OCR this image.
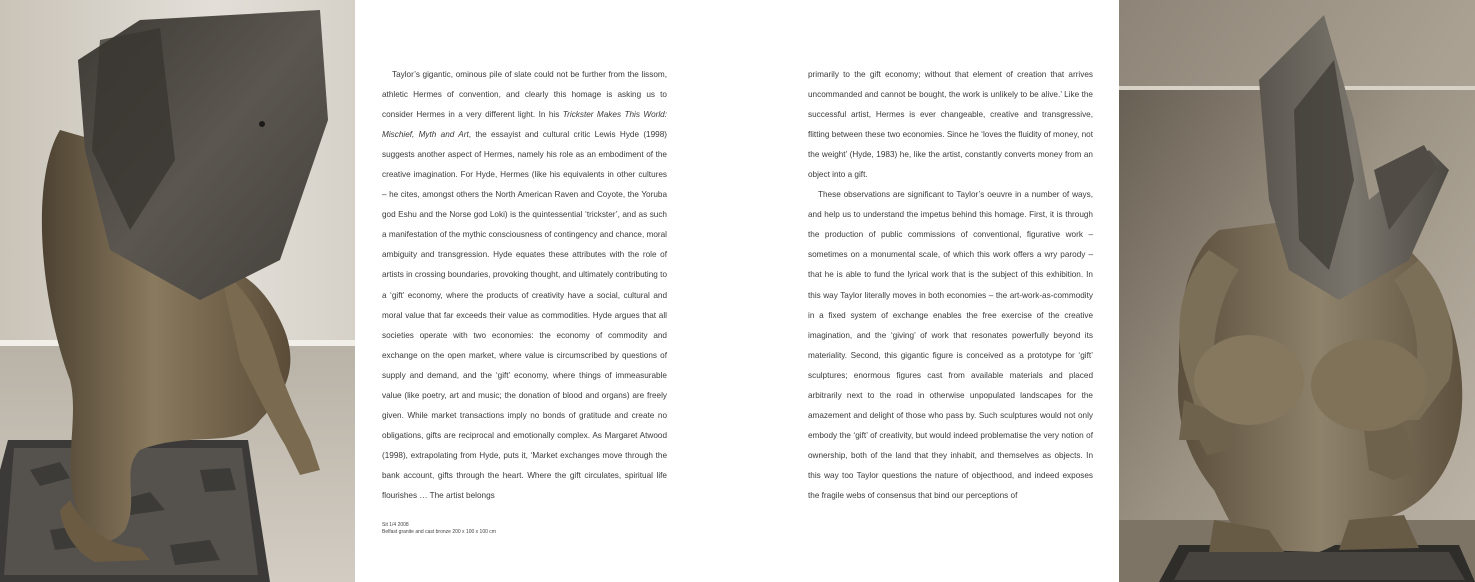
Taylor’s gigantic, ominous pile of slate could not be further from the lissom, athletic Hermes of convention, and clearly this homage is asking us to consider Hermes in a very different light. In his Trickster Makes This World: Mischief, Myth and Art, the essayist and cultural critic Lewis Hyde (1998) suggests another aspect of Hermes, namely his role as an embodiment of the creative imagination. For Hyde, Hermes (like his equivalents in other cultures – he cites, amongst others the North American Raven and Coyote, the Yoruba god Eshu and the Norse god Loki) is the quintessential ‘trickster’, and as such a manifestation of the mythic consciousness of contingency and chance, moral ambiguity and transgression. Hyde equates these attributes with the role of artists in crossing boundaries, provoking thought, and ultimately contributing to a ‘gift’ economy, where the products of creativity have a social, cultural and moral value that far exceeds their value as commodities. Hyde argues that all societies operate with two economies: the economy of commodity and exchange on the open market, where value is circumscribed by questions of supply and demand, and the ‘gift’ economy, where things of immeasurable value (like poetry, art and music; the donation of blood and organs) are freely given. While market transactions imply no bonds of gratitude and create no obligations, gifts are reciprocal and emotionally complex. As Margaret Atwood (1998), extrapolating from Hyde, puts it, ‘Market exchanges move through the bank account, gifts through the heart. Where the gift circulates, spiritual life flourishes … The artist belongs

Sit 1/4 2008
Belfast granite and cast bronze 200 x 100 x 100 cm

primarily to the gift economy; without that element of creation that arrives uncommanded and cannot be bought, the work is unlikely to be alive.’ Like the successful artist, Hermes is ever changeable, creative and transgressive, flitting between these two economies. Since he ‘loves the fluidity of money, not the weight’ (Hyde, 1983) he, like the artist, constantly converts money from an object into a gift.

These observations are significant to Taylor’s oeuvre in a number of ways, and help us to understand the impetus behind this homage. First, it is through the production of public commissions of conventional, figurative work – sometimes on a monumental scale, of which this work offers a wry parody – that he is able to fund the lyrical work that is the subject of this exhibition. In this way Taylor literally moves in both economies – the art-work-as-commodity in a fixed system of exchange enables the free exercise of the creative imagination, and the ‘giving’ of work that resonates powerfully beyond its materiality. Second, this gigantic figure is conceived as a prototype for ‘gift’ sculptures; enormous figures cast from available materials and placed arbitrarily next to the road in otherwise unpopulated landscapes for the amazement and delight of those who pass by. Such sculptures would not only embody the ‘gift’ of creativity, but would indeed problematise the very notion of ownership, both of the land that they inhabit, and themselves as objects. In this way too Taylor questions the nature of objecthood, and indeed exposes the fragile webs of consensus that bind our perceptions of
